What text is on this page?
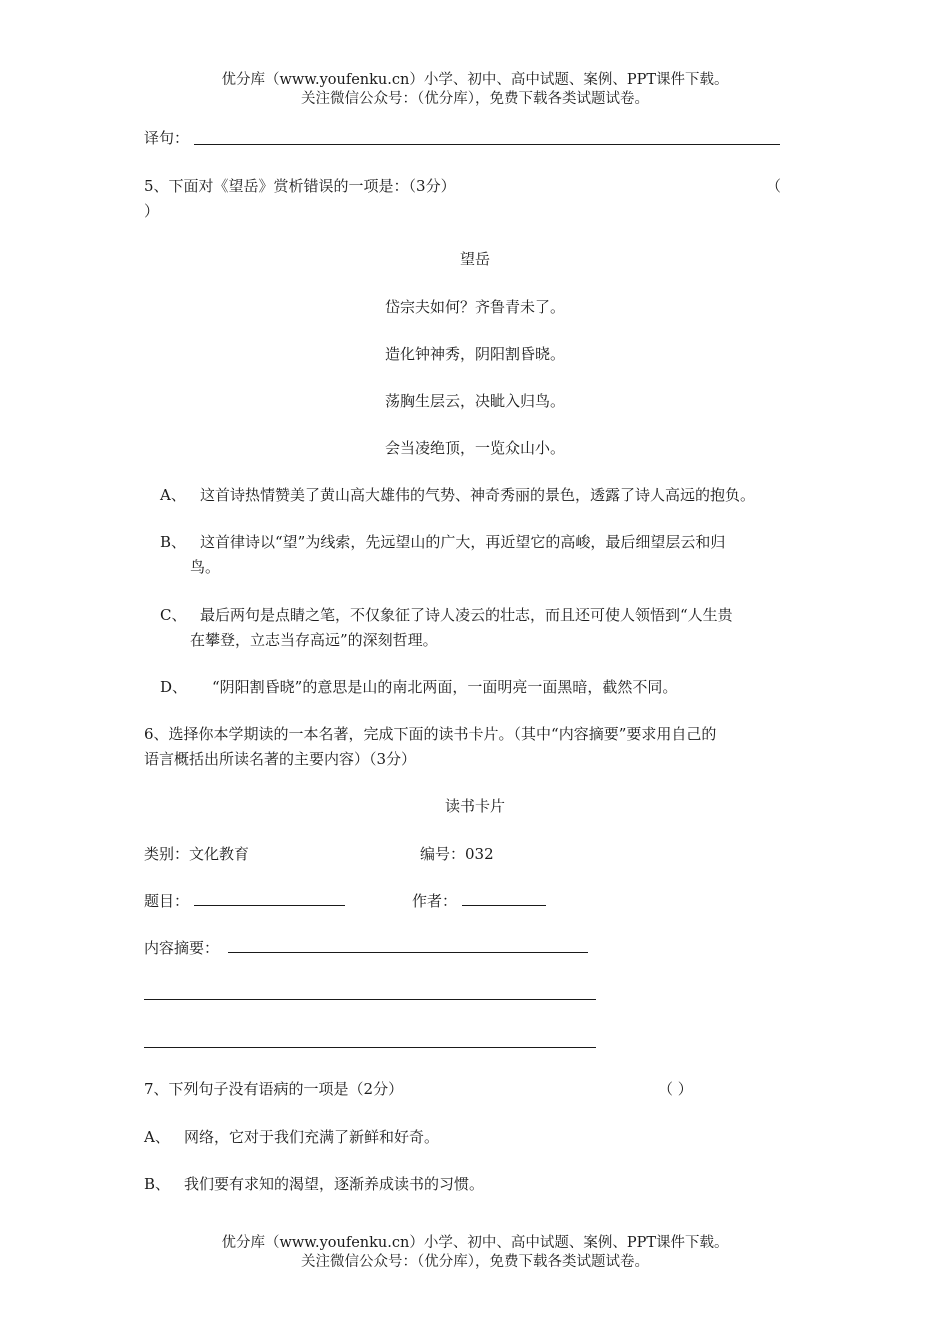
优分库（www.youfenku.cn）小学、初中、高中试题、案例、PPT课件下载。
关注微信公众号：（优分库），免费下载各类试题试卷。
译句：
5、下面对《望岳》赏析错误的一项是：（3分）	（
）
望岳
岱宗夫如何？齐鲁青未了。
造化钟神秀，阴阳割昏晓。
荡胸生层云，决眦入归鸟。
会当凌绝顶，一览众山小。
A、 这首诗热情赞美了黄山高大雄伟的气势、神奇秀丽的景色，透露了诗人高远的抱负。
B、 这首律诗以“望”为线索，先远望山的广大，再近望它的高峻，最后细望层云和归
鸟。
C、 最后两句是点睛之笔，不仅象征了诗人凌云的壮志，而且还可使人领悟到“人生贵
在攀登，立志当存高远”的深刻哲理。
D、 “阴阳割昏晓”的意思是山的南北两面，一面明亮一面黑暗，截然不同。
6、选择你本学期读的一本名著，完成下面的读书卡片。（其中“内容摘要”要求用自己的
语言概括出所读名著的主要内容）（3分）
读书卡片
类别：文化教育	编号：032
题目：	作者：
内容摘要：
7、下列句子没有语病的一项是（2分）	（ ）
A、 网络，它对于我们充满了新鲜和好奇。
B、 我们要有求知的渴望，逐渐养成读书的习惯。
优分库（www.youfenku.cn）小学、初中、高中试题、案例、PPT课件下载。
关注微信公众号：（优分库），免费下载各类试题试卷。
